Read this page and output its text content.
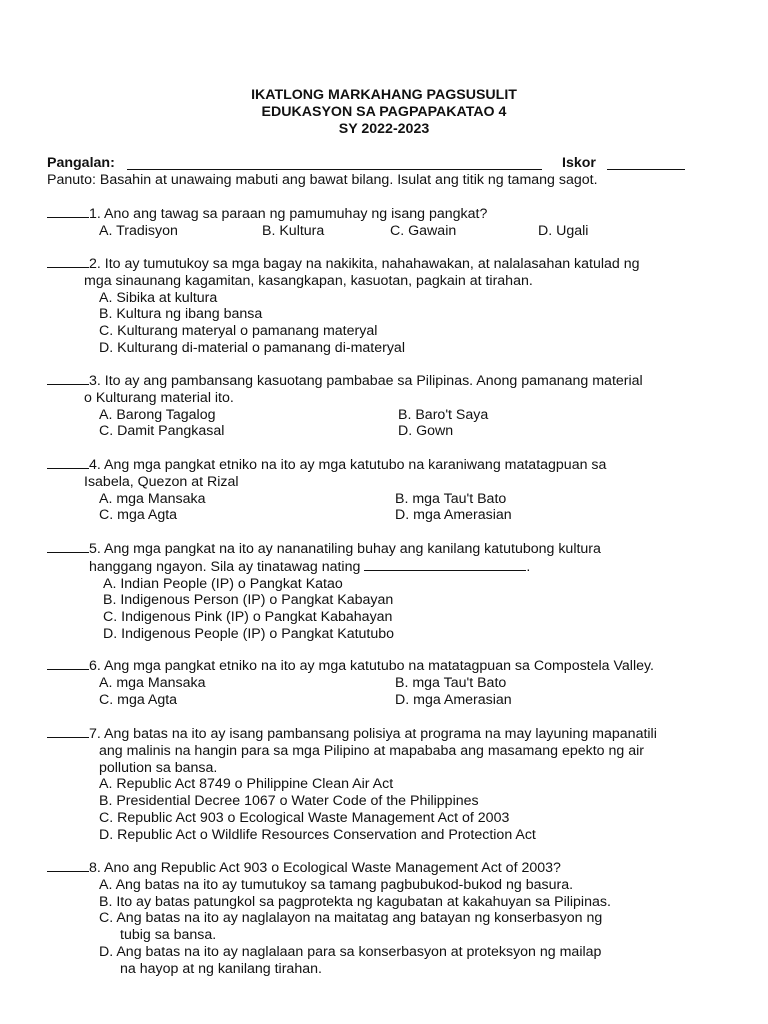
IKATLONG MARKAHANG PAGSUSULIT
EDUKASYON SA PAGPAPAKATAO 4
SY 2022-2023
Pangalan:	Iskor
Panuto: Basahin at unawaing mabuti ang bawat bilang. Isulat ang titik ng tamang sagot.
1. Ano ang tawag sa paraan ng pamumuhay ng isang pangkat?
A. Tradisyon	B. Kultura	C. Gawain	D. Ugali
2. Ito ay tumutukoy sa mga bagay na nakikita, nahahawakan, at nalalasahan katulad ng
mga sinaunang kagamitan, kasangkapan, kasuotan, pagkain at tirahan.
A. Sibika at kultura
B. Kultura ng ibang bansa
C. Kulturang materyal o pamanang materyal
D. Kulturang di-material o pamanang di-materyal
3. Ito ay ang pambansang kasuotang pambabae sa Pilipinas. Anong pamanang material
o Kulturang material ito.
A. Barong Tagalog	B. Baro't Saya
C. Damit Pangkasal	D. Gown
4. Ang mga pangkat etniko na ito ay mga katutubo na karaniwang matatagpuan sa
Isabela, Quezon at Rizal
A. mga Mansaka	B. mga Tau't Bato
C. mga Agta	D. mga Amerasian
5. Ang mga pangkat na ito ay nananatiling buhay ang kanilang katutubong kultura
hanggang ngayon. Sila ay tinatawag nating	.
A. Indian People (IP) o Pangkat Katao
B. Indigenous Person (IP) o Pangkat Kabayan
C. Indigenous Pink (IP) o Pangkat Kabahayan
D. Indigenous People (IP) o Pangkat Katutubo
6. Ang mga pangkat etniko na ito ay mga katutubo na matatagpuan sa Compostela Valley.
A. mga Mansaka	B. mga Tau't Bato
C. mga Agta	D. mga Amerasian
7. Ang batas na ito ay isang pambansang polisiya at programa na may layuning mapanatili
ang malinis na hangin para sa mga Pilipino at mapababa ang masamang epekto ng air
pollution sa bansa.
A. Republic Act 8749 o Philippine Clean Air Act
B. Presidential Decree 1067 o Water Code of the Philippines
C. Republic Act 903 o Ecological Waste Management Act of 2003
D. Republic Act o Wildlife Resources Conservation and Protection Act
8. Ano ang Republic Act 903 o Ecological Waste Management Act of 2003?
A. Ang batas na ito ay tumutukoy sa tamang pagbubukod-bukod ng basura.
B. Ito ay batas patungkol sa pagprotekta ng kagubatan at kakahuyan sa Pilipinas.
C. Ang batas na ito ay naglalayon na maitatag ang batayan ng konserbasyon ng
tubig sa bansa.
D. Ang batas na ito ay naglalaan para sa konserbasyon at proteksyon ng mailap
na hayop at ng kanilang tirahan.
